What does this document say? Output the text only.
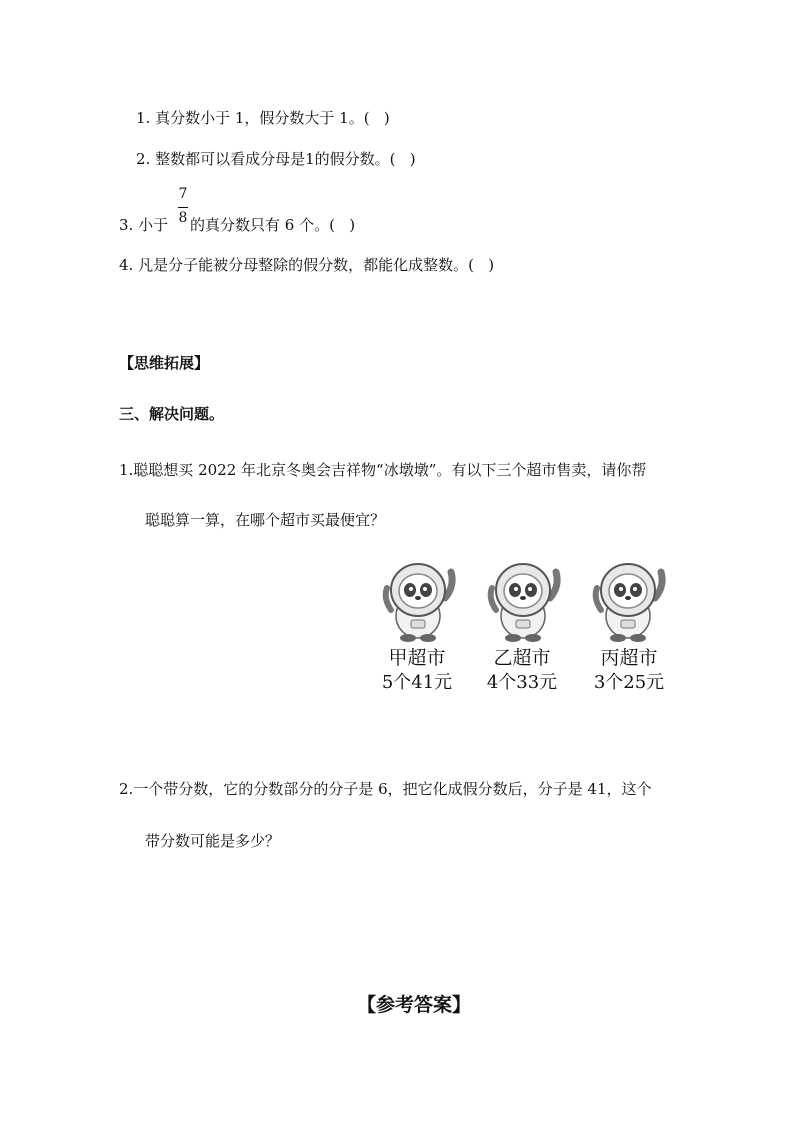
1. 真分数小于 1，假分数大于 1。(   )
2. 整数都可以看成分母是1的假分数。(   )
3. 小于
7
8 的真分数只有 6 个。(   )
4. 凡是分子能被分母整除的假分数，都能化成整数。(   )
【思维拓展】
三、解决问题。
1.聪聪想买 2022 年北京冬奥会吉祥物“冰墩墩”。有以下三个超市售卖，请你帮
聪聪算一算，在哪个超市买最便宜？
甲超市
5个41元
乙超市
4个33元
丙超市
3个25元
2.一个带分数，它的分数部分的分子是 6，把它化成假分数后，分子是 41，这个
带分数可能是多少？
【参考答案】
